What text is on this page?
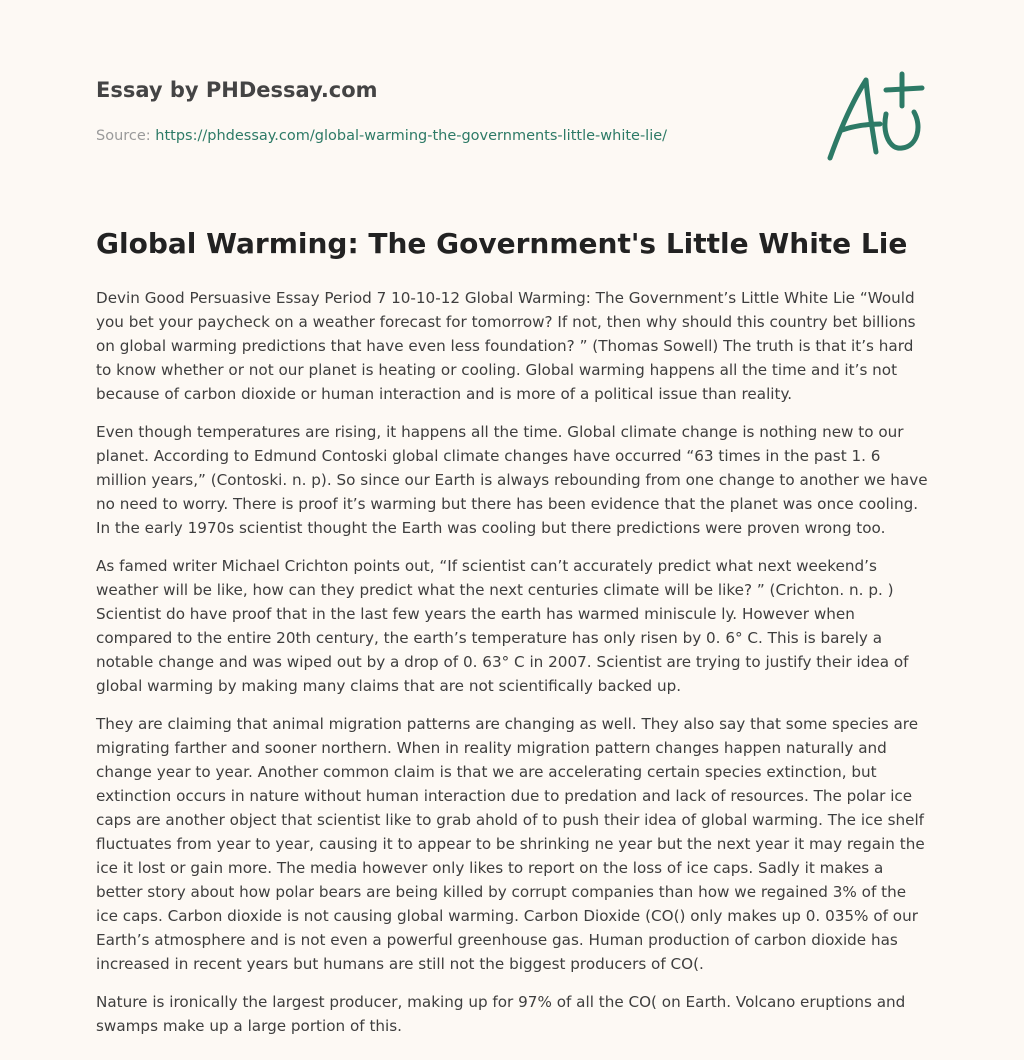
Essay by PHDessay.com
Source: https://phdessay.com/global-warming-the-governments-little-white-lie/
Global Warming: The Government's Little White Lie

Devin Good Persuasive Essay Period 7 10-10-12 Global Warming: The Government’s Little White Lie “Would you bet your paycheck on a weather forecast for tomorrow? If not, then why should this country bet billions on global warming predictions that have even less foundation? ” (Thomas Sowell) The truth is that it’s hard to know whether or not our planet is heating or cooling. Global warming happens all the time and it’s not because of carbon dioxide or human interaction and is more of a political issue than reality.

Even though temperatures are rising, it happens all the time. Global climate change is nothing new to our planet. According to Edmund Contoski global climate changes have occurred “63 times in the past 1. 6 million years,” (Contoski. n. p). So since our Earth is always rebounding from one change to another we have no need to worry. There is proof it’s warming but there has been evidence that the planet was once cooling. In the early 1970s scientist thought the Earth was cooling but there predictions were proven wrong too.

As famed writer Michael Crichton points out, “If scientist can’t accurately predict what next weekend’s weather will be like, how can they predict what the next centuries climate will be like? ” (Crichton. n. p. ) Scientist do have proof that in the last few years the earth has warmed miniscule ly. However when compared to the entire 20th century, the earth’s temperature has only risen by 0. 6° C. This is barely a notable change and was wiped out by a drop of 0. 63° C in 2007. Scientist are trying to justify their idea of global warming by making many claims that are not scientifically backed up.

They are claiming that animal migration patterns are changing as well. They also say that some species are migrating farther and sooner northern. When in reality migration pattern changes happen naturally and change year to year. Another common claim is that we are accelerating certain species extinction, but extinction occurs in nature without human interaction due to predation and lack of resources. The polar ice caps are another object that scientist like to grab ahold of to push their idea of global warming. The ice shelf fluctuates from year to year, causing it to appear to be shrinking ne year but the next year it may regain the ice it lost or gain more. The media however only likes to report on the loss of ice caps. Sadly it makes a better story about how polar bears are being killed by corrupt companies than how we regained 3% of the ice caps. Carbon dioxide is not causing global warming. Carbon Dioxide (CO() only makes up 0. 035% of our Earth’s atmosphere and is not even a powerful greenhouse gas. Human production of carbon dioxide has increased in recent years but humans are still not the biggest producers of CO(.

Nature is ironically the largest producer, making up for 97% of all the CO( on Earth. Volcano eruptions and swamps make up a large portion of this.
